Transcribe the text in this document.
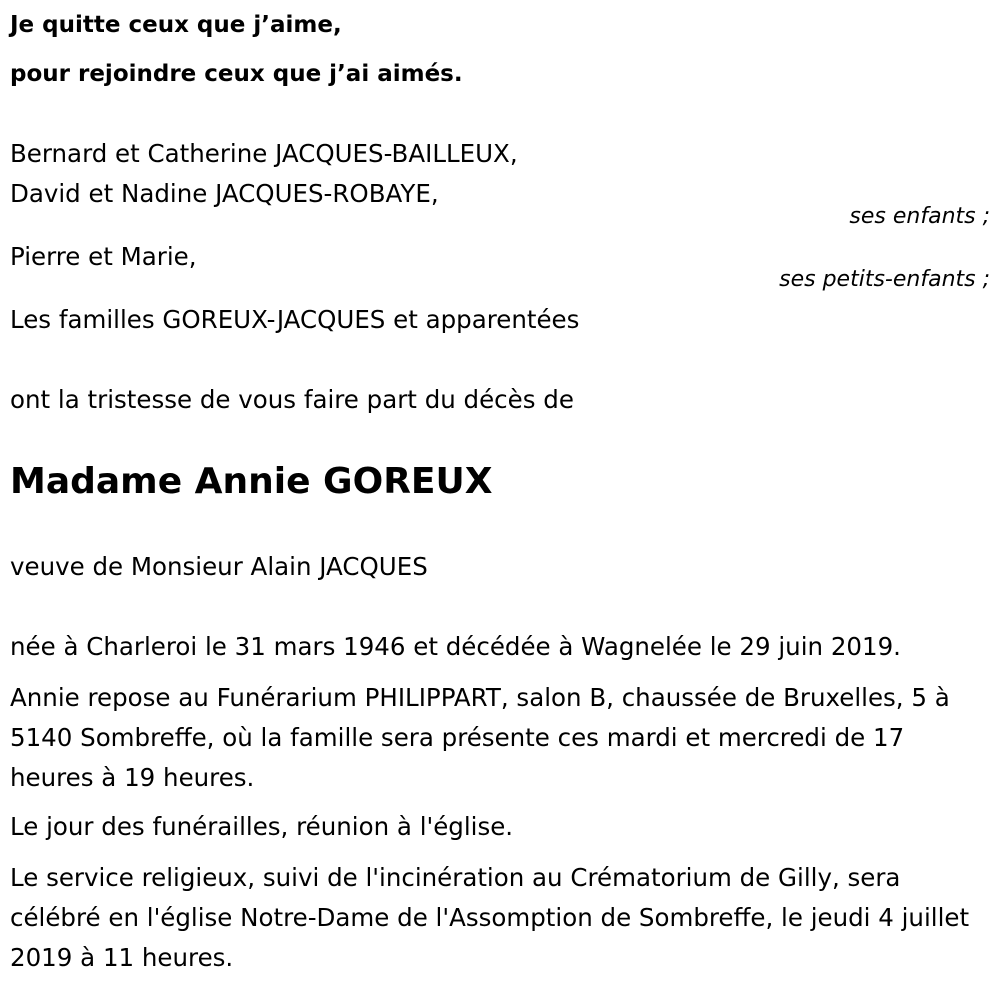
Je quitte ceux que j’aime,
pour rejoindre ceux que j’ai aimés.
Bernard et Catherine JACQUES-BAILLEUX,
David et Nadine JACQUES-ROBAYE,
ses enfants ;
Pierre et Marie,
ses petits-enfants ;
Les familles GOREUX-JACQUES et apparentées
ont la tristesse de vous faire part du décès de
Madame Annie GOREUX
veuve de Monsieur Alain JACQUES
née à Charleroi le 31 mars 1946 et décédée à Wagnelée le 29 juin 2019.
Annie repose au Funérarium PHILIPPART, salon B, chaussée de Bruxelles, 5 à 5140 Sombreffe, où la famille sera présente ces mardi et mercredi de 17 heures à 19 heures.
Le jour des funérailles, réunion à l'église.
Le service religieux, suivi de l'incinération au Crématorium de Gilly, sera célébré en l'église Notre-Dame de l'Assomption de Sombreffe, le jeudi 4 juillet 2019 à 11 heures.
